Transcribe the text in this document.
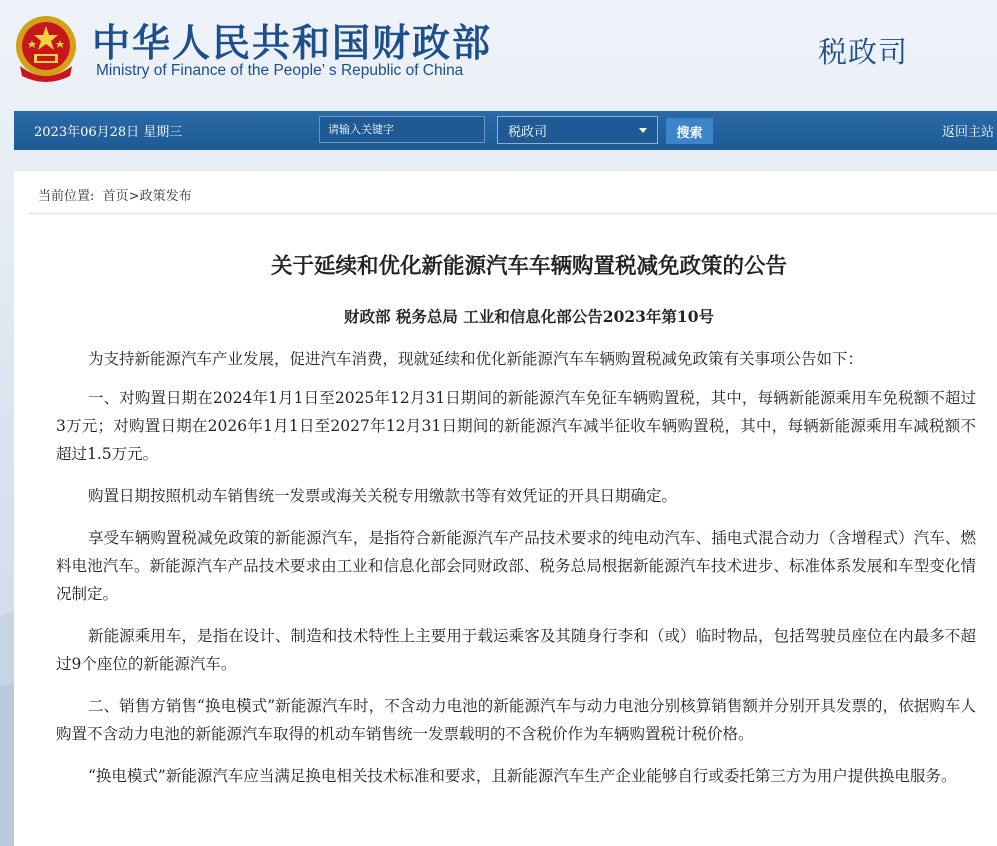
中华人民共和国财政部
Ministry of Finance of the People’ s Republic of China
税政司
2023年06月28日 星期三
请输入关键字	税政司	搜索	返回主站
当前位置: 首页>政策发布
关于延续和优化新能源汽车车辆购置税减免政策的公告
财政部 税务总局 工业和信息化部公告2023年第10号

为支持新能源汽车产业发展，促进汽车消费，现就延续和优化新能源汽车车辆购置税减免政策有关事项公告如下：

一、对购置日期在2024年1月1日至2025年12月31日期间的新能源汽车免征车辆购置税，其中，每辆新能源乘用车免税额不超过3万元；对购置日期在2026年1月1日至2027年12月31日期间的新能源汽车减半征收车辆购置税，其中，每辆新能源乘用车减税额不超过1.5万元。

购置日期按照机动车销售统一发票或海关关税专用缴款书等有效凭证的开具日期确定。

享受车辆购置税减免政策的新能源汽车，是指符合新能源汽车产品技术要求的纯电动汽车、插电式混合动力（含增程式）汽车、燃料电池汽车。新能源汽车产品技术要求由工业和信息化部会同财政部、税务总局根据新能源汽车技术进步、标准体系发展和车型变化情况制定。

新能源乘用车，是指在设计、制造和技术特性上主要用于载运乘客及其随身行李和（或）临时物品，包括驾驶员座位在内最多不超过9个座位的新能源汽车。

二、销售方销售“换电模式”新能源汽车时，不含动力电池的新能源汽车与动力电池分别核算销售额并分别开具发票的，依据购车人购置不含动力电池的新能源汽车取得的机动车销售统一发票载明的不含税价作为车辆购置税计税价格。

“换电模式”新能源汽车应当满足换电相关技术标准和要求，且新能源汽车生产企业能够自行或委托第三方为用户提供换电服务。
